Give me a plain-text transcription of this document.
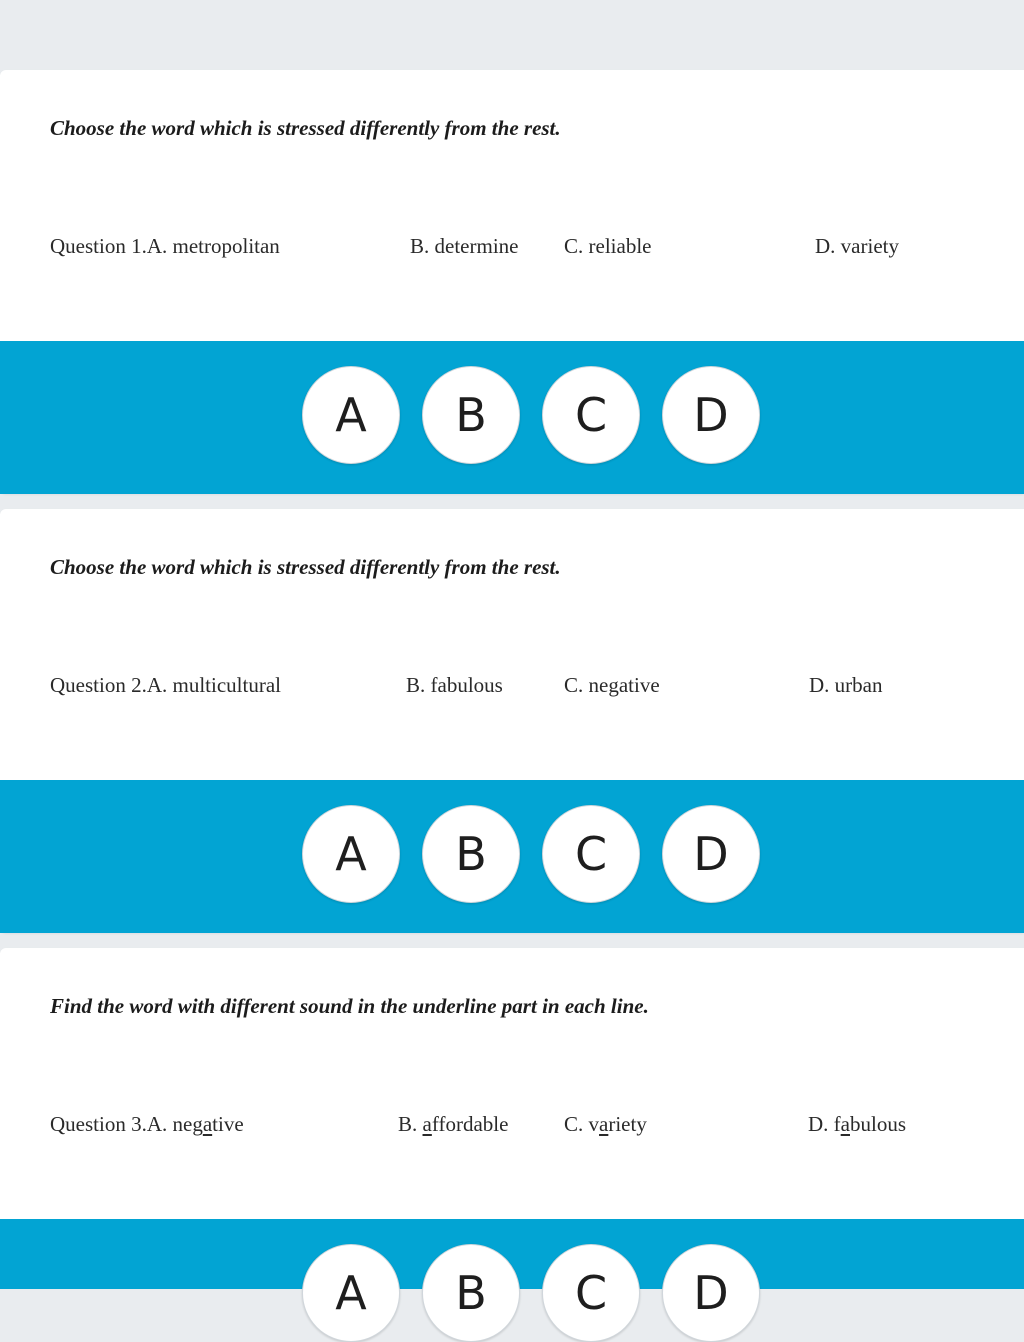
Choose the word which is stressed differently from the rest.

Question 1.A. metropolitan	B. determine C. reliable	D. variety
A	B	C	D

Choose the word which is stressed differently from the rest.

Question 2.A. multicultural	B. fabulous	C. negative	D. urban
A	B	C	D

Find the word with different sound in the underline part in each line.

Question 3.A. negative	B. affordable	C. variety	D. fabulous
A	B	C	D
